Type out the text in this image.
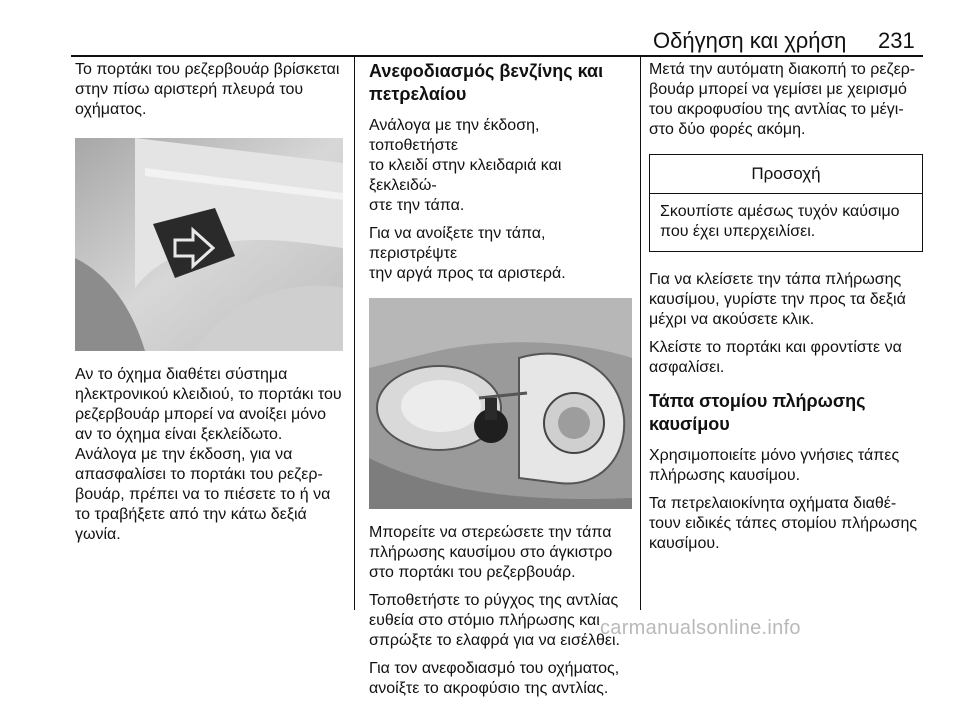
Οδήγηση και χρήση 231

Το πορτάκι του ρεζερβουάρ βρίσκεται
στην πίσω αριστερή πλευρά του
οχήματος.

Αν το όχημα διαθέτει σύστημα
ηλεκτρονικού κλειδιού, το πορτάκι του
ρεζερβουάρ μπορεί να ανοίξει μόνο
αν το όχημα είναι ξεκλείδωτο.
Ανάλογα με την έκδοση, για να
απασφαλίσει το πορτάκι του ρεζερ-
βουάρ, πρέπει να το πιέσετε το ή να
το τραβήξετε από την κάτω δεξιά
γωνία.

Ανεφοδιασμός βενζίνης και
πετρελαίου

Ανάλογα με την έκδοση, τοποθετήστε
το κλειδί στην κλειδαριά και ξεκλειδώ-
στε την τάπα.

Για να ανοίξετε την τάπα, περιστρέψτε
την αργά προς τα αριστερά.

Μπορείτε να στερεώσετε την τάπα
πλήρωσης καυσίμου στο άγκιστρο
στο πορτάκι του ρεζερβουάρ.

Τοποθετήστε το ρύγχος της αντλίας
ευθεία στο στόμιο πλήρωσης και
σπρώξτε το ελαφρά για να εισέλθει.

Για τον ανεφοδιασμό του οχήματος,
ανοίξτε το ακροφύσιο της αντλίας.

Μετά την αυτόματη διακοπή το ρεζερ-
βουάρ μπορεί να γεμίσει με χειρισμό
του ακροφυσίου της αντλίας το μέγι-
στο δύο φορές ακόμη.

Προσοχή

Σκουπίστε αμέσως τυχόν καύσιμο
που έχει υπερχειλίσει.

Για να κλείσετε την τάπα πλήρωσης
καυσίμου, γυρίστε την προς τα δεξιά
μέχρι να ακούσετε κλικ.

Κλείστε το πορτάκι και φροντίστε να
ασφαλίσει.

Τάπα στομίου πλήρωσης
καυσίμου

Χρησιμοποιείτε μόνο γνήσιες τάπες
πλήρωσης καυσίμου.

Τα πετρελαιοκίνητα οχήματα διαθέ-
τουν ειδικές τάπες στομίου πλήρωσης
καυσίμου.

carmanualsonline.info
